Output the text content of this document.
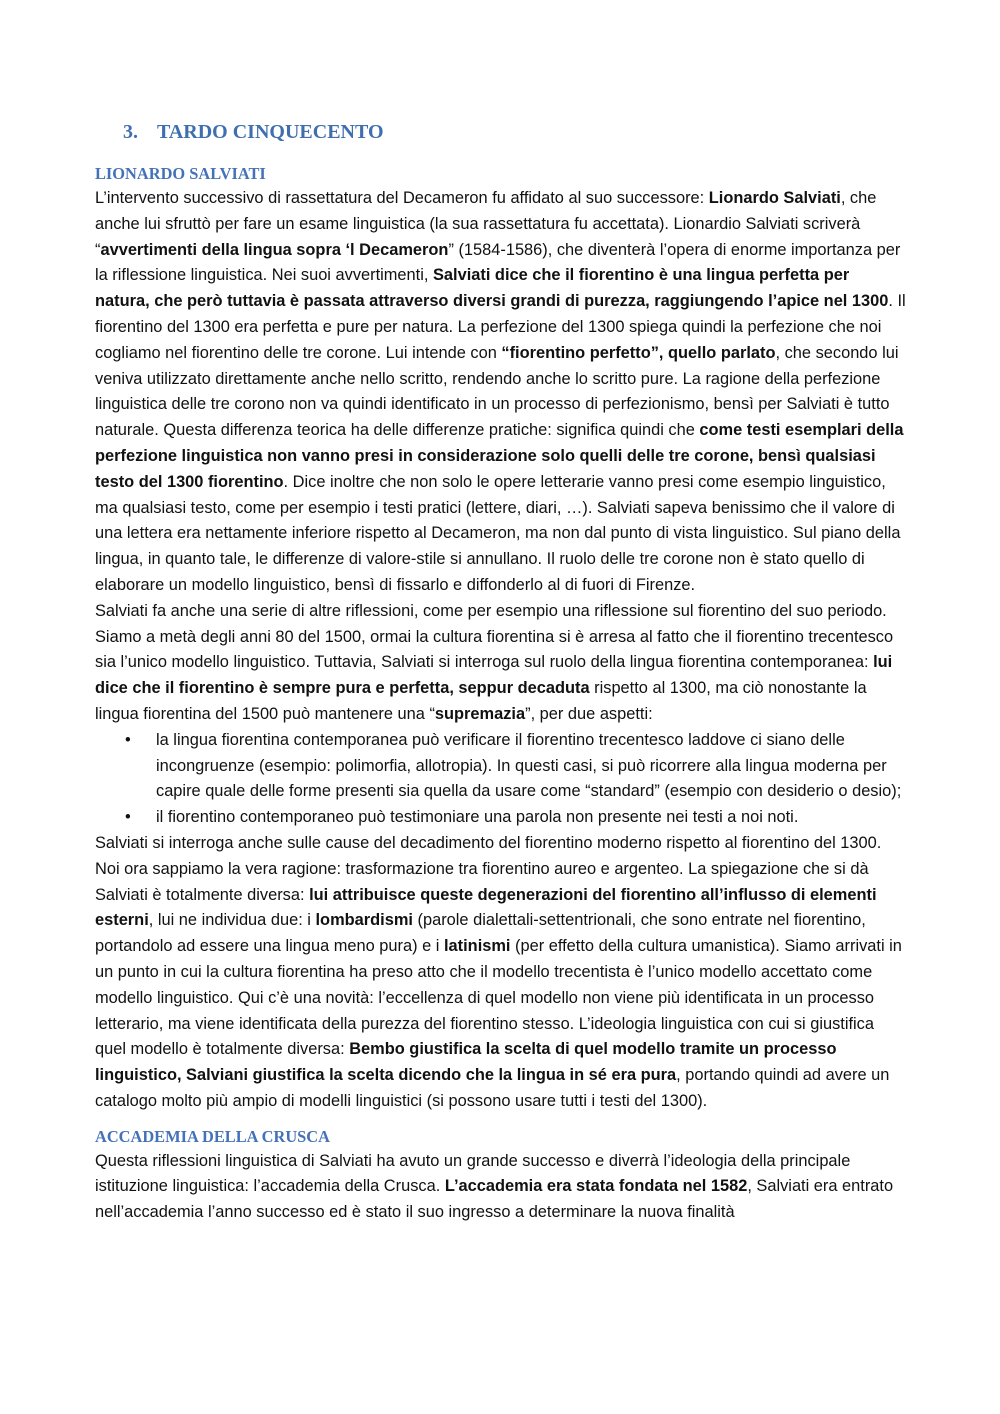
3. TARDO CINQUECENTO
LIONARDO SALVIATI

L’intervento successivo di rassettatura del Decameron fu affidato al suo successore: Lionardo Salviati, che anche lui sfruttò per fare un esame linguistica (la sua rassettatura fu accettata). Lionardio Salviati scriverà “avvertimenti della lingua sopra ‘l Decameron” (1584-1586), che diventerà l’opera di enorme importanza per la riflessione linguistica. Nei suoi avvertimenti, Salviati dice che il fiorentino è una lingua perfetta per natura, che però tuttavia è passata attraverso diversi grandi di purezza, raggiungendo l’apice nel 1300. Il fiorentino del 1300 era perfetta e pure per natura. La perfezione del 1300 spiega quindi la perfezione che noi cogliamo nel fiorentino delle tre corone. Lui intende con “fiorentino perfetto”, quello parlato, che secondo lui veniva utilizzato direttamente anche nello scritto, rendendo anche lo scritto pure. La ragione della perfezione linguistica delle tre corono non va quindi identificato in un processo di perfezionismo, bensì per Salviati è tutto naturale. Questa differenza teorica ha delle differenze pratiche: significa quindi che come testi esemplari della perfezione linguistica non vanno presi in considerazione solo quelli delle tre corone, bensì qualsiasi testo del 1300 fiorentino. Dice inoltre che non solo le opere letterarie vanno presi come esempio linguistico, ma qualsiasi testo, come per esempio i testi pratici (lettere, diari, …). Salviati sapeva benissimo che il valore di una lettera era nettamente inferiore rispetto al Decameron, ma non dal punto di vista linguistico. Sul piano della lingua, in quanto tale, le differenze di valore-stile si annullano. Il ruolo delle tre corone non è stato quello di elaborare un modello linguistico, bensì di fissarlo e diffonderlo al di fuori di Firenze.

Salviati fa anche una serie di altre riflessioni, come per esempio una riflessione sul fiorentino del suo periodo. Siamo a metà degli anni 80 del 1500, ormai la cultura fiorentina si è arresa al fatto che il fiorentino trecentesco sia l’unico modello linguistico. Tuttavia, Salviati si interroga sul ruolo della lingua fiorentina contemporanea: lui dice che il fiorentino è sempre pura e perfetta, seppur decaduta rispetto al 1300, ma ciò nonostante la lingua fiorentina del 1500 può mantenere una “supremazia”, per due aspetti:

• la lingua fiorentina contemporanea può verificare il fiorentino trecentesco laddove ci siano delle incongruenze (esempio: polimorfia, allotropia). In questi casi, si può ricorrere alla lingua moderna per capire quale delle forme presenti sia quella da usare come “standard” (esempio con desiderio o desio);
• il fiorentino contemporaneo può testimoniare una parola non presente nei testi a noi noti.

Salviati si interroga anche sulle cause del decadimento del fiorentino moderno rispetto al fiorentino del 1300. Noi ora sappiamo la vera ragione: trasformazione tra fiorentino aureo e argenteo. La spiegazione che si dà Salviati è totalmente diversa: lui attribuisce queste degenerazioni del fiorentino all’influsso di elementi esterni, lui ne individua due: i lombardismi (parole dialettali-settentrionali, che sono entrate nel fiorentino, portandolo ad essere una lingua meno pura) e i latinismi (per effetto della cultura umanistica). Siamo arrivati in un punto in cui la cultura fiorentina ha preso atto che il modello trecentista è l’unico modello accettato come modello linguistico. Qui c’è una novità: l’eccellenza di quel modello non viene più identificata in un processo letterario, ma viene identificata della purezza del fiorentino stesso. L’ideologia linguistica con cui si giustifica quel modello è totalmente diversa: Bembo giustifica la scelta di quel modello tramite un processo linguistico, Salviani giustifica la scelta dicendo che la lingua in sé era pura, portando quindi ad avere un catalogo molto più ampio di modelli linguistici (si possono usare tutti i testi del 1300).

ACCADEMIA DELLA CRUSCA

Questa riflessioni linguistica di Salviati ha avuto un grande successo e diverrà l’ideologia della principale istituzione linguistica: l’accademia della Crusca. L’accademia era stata fondata nel 1582, Salviati era entrato nell’accademia l’anno successo ed è stato il suo ingresso a determinare la nuova finalità
